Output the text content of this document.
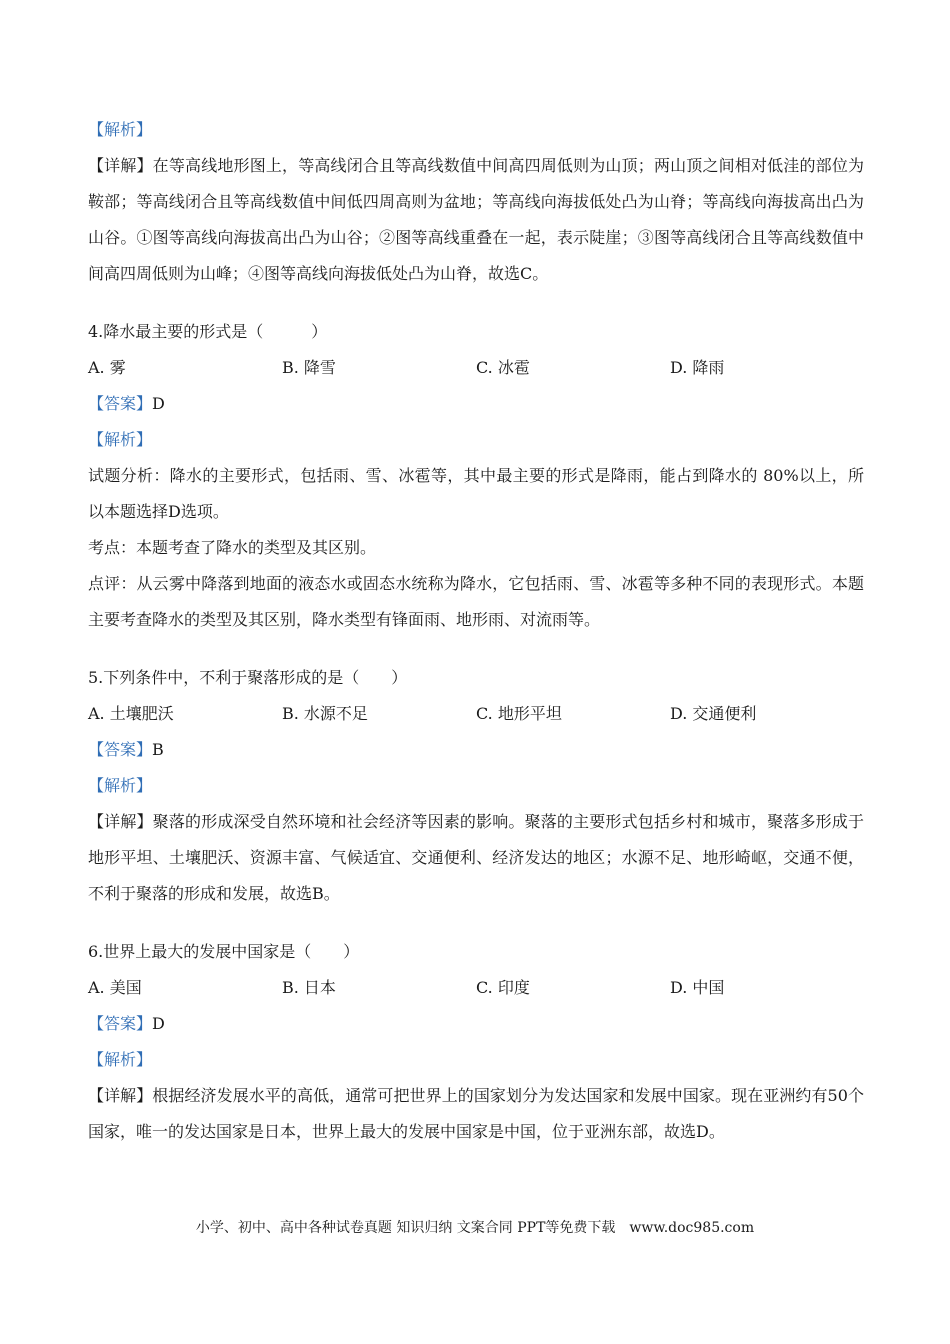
【解析】
【详解】在等高线地形图上，等高线闭合且等高线数值中间高四周低则为山顶；两山顶之间相对低洼的部位为鞍部；等高线闭合且等高线数值中间低四周高则为盆地；等高线向海拔低处凸为山脊；等高线向海拔高出凸为山谷。①图等高线向海拔高出凸为山谷；②图等高线重叠在一起，表示陡崖；③图等高线闭合且等高线数值中间高四周低则为山峰；④图等高线向海拔低处凸为山脊，故选C。
4.降水最主要的形式是（　　　）
A. 雾	B. 降雪	C. 冰雹	D. 降雨
【答案】D
【解析】
试题分析：降水的主要形式，包括雨、雪、冰雹等，其中最主要的形式是降雨，能占到降水的 80%以上，所以本题选择D选项。
考点：本题考查了降水的类型及其区别。
点评：从云雾中降落到地面的液态水或固态水统称为降水，它包括雨、雪、冰雹等多种不同的表现形式。本题主要考查降水的类型及其区别，降水类型有锋面雨、地形雨、对流雨等。
5.下列条件中，不利于聚落形成的是（　　）
A. 土壤肥沃	B. 水源不足	C. 地形平坦	D. 交通便利
【答案】B
【解析】
【详解】聚落的形成深受自然环境和社会经济等因素的影响。聚落的主要形式包括乡村和城市，聚落多形成于地形平坦、土壤肥沃、资源丰富、气候适宜、交通便利、经济发达的地区；水源不足、地形崎岖，交通不便，不利于聚落的形成和发展，故选B。
6.世界上最大的发展中国家是（　　）
A. 美国	B. 日本	C. 印度	D. 中国
【答案】D
【解析】
【详解】根据经济发展水平的高低，通常可把世界上的国家划分为发达国家和发展中国家。现在亚洲约有50个国家，唯一的发达国家是日本，世界上最大的发展中国家是中国，位于亚洲东部，故选D。
小学、初中、高中各种试卷真题 知识归纳 文案合同 PPT等免费下载　www.doc985.com
